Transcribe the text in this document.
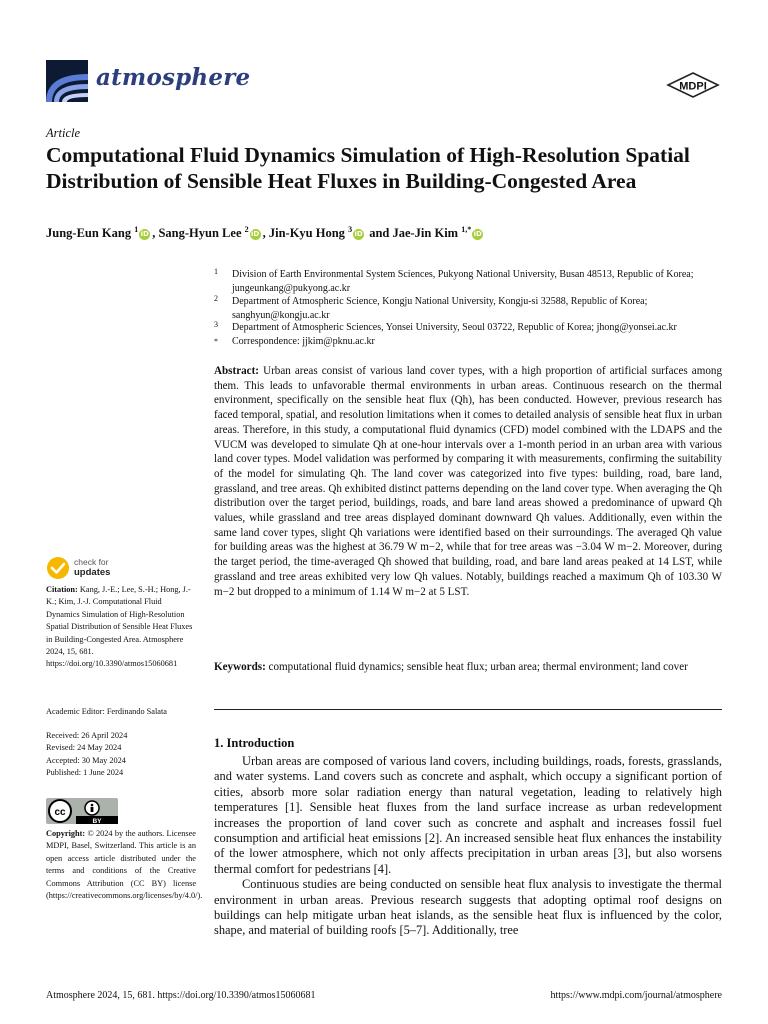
atmosphere	MDPI
Article
Computational Fluid Dynamics Simulation of High-Resolution Spatial Distribution of Sensible Heat Fluxes in Building-Congested Area
Jung-Eun Kang $^1$iD , Sang-Hyun Lee $^2$iD , Jin-Kyu Hong $^3$iD and Jae-Jin Kim $^{1,*}$iD
1 Division of Earth Environmental System Sciences, Pukyong National University, Busan 48513, Republic of Korea; jungeunkang@pukyong.ac.kr
2 Department of Atmospheric Science, Kongju National University, Kongju-si 32588, Republic of Korea; sanghyun@kongju.ac.kr
3 Department of Atmospheric Sciences, Yonsei University, Seoul 03722, Republic of Korea; jhong@yonsei.ac.kr
* Correspondence: jjkim@pknu.ac.kr
Abstract: Urban areas consist of various land cover types, with a high proportion of artificial surfaces among them. This leads to unfavorable thermal environments in urban areas. Continuous research on the thermal environment, specifically on the sensible heat flux (Qh), has been conducted. However, previous research has faced temporal, spatial, and resolution limitations when it comes to detailed analysis of sensible heat flux in urban areas. Therefore, in this study, a computational fluid dynamics (CFD) model combined with the LDAPS and the VUCM was developed to simulate Qh at one-hour intervals over a 1-month period in an urban area with various land cover types. Model validation was performed by comparing it with measurements, confirming the suitability of the model for simulating Qh. The land cover was categorized into five types: building, road, bare land, grassland, and tree areas. Qh exhibited distinct patterns depending on the land cover type. When averaging the Qh distribution over the target period, buildings, roads, and bare land areas showed a predominance of upward Qh values, while grassland and tree areas displayed dominant downward Qh values. Additionally, even within the same land cover types, slight Qh variations were identified based on their surroundings. The averaged Qh value for building areas was the highest at 36.79 W m−2, while that for tree areas was −3.04 W m−2. Moreover, during the target period, the time-averaged Qh showed that building, road, and bare land areas peaked at 14 LST, while grassland and tree areas exhibited very low Qh values. Notably, buildings reached a maximum Qh of 103.30 W m−2 but dropped to a minimum of 1.14 W m−2 at 5 LST.
Keywords: computational fluid dynamics; sensible heat flux; urban area; thermal environment; land cover
check for
updates
Citation: Kang, J.-E.; Lee, S.-H.; Hong, J.-K.; Kim, J.-J. Computational Fluid Dynamics Simulation of High-Resolution Spatial Distribution of Sensible Heat Fluxes in Building-Congested Area. Atmosphere 2024, 15, 681. https://doi.org/10.3390/atmos15060681
Academic Editor: Ferdinando Salata
Received: 26 April 2024
Revised: 24 May 2024
Accepted: 30 May 2024
Published: 1 June 2024
cc
BY
Copyright: © 2024 by the authors. Licensee MDPI, Basel, Switzerland. This article is an open access article distributed under the terms and conditions of the Creative Commons Attribution (CC BY) license (https://creativecommons.org/licenses/by/4.0/).
1. Introduction

Urban areas are composed of various land covers, including buildings, roads, forests, grasslands, and water systems. Land covers such as concrete and asphalt, which occupy a significant portion of cities, absorb more solar radiation energy than natural vegetation, leading to relatively high temperatures [1]. Sensible heat fluxes from the land surface increase as urban redevelopment increases the proportion of land cover such as concrete and asphalt and increases fossil fuel consumption and artificial heat emissions [2]. An increased sensible heat flux enhances the instability of the lower atmosphere, which not only affects precipitation in urban areas [3], but also worsens thermal comfort for pedestrians [4].

Continuous studies are being conducted on sensible heat flux analysis to investigate the thermal environment in urban areas. Previous research suggests that adopting optimal roof designs on buildings can help mitigate urban heat islands, as the sensible heat flux is influenced by the color, shape, and material of building roofs [5–7]. Additionally, tree

Atmosphere 2024, 15, 681. https://doi.org/10.3390/atmos15060681	https://www.mdpi.com/journal/atmosphere
